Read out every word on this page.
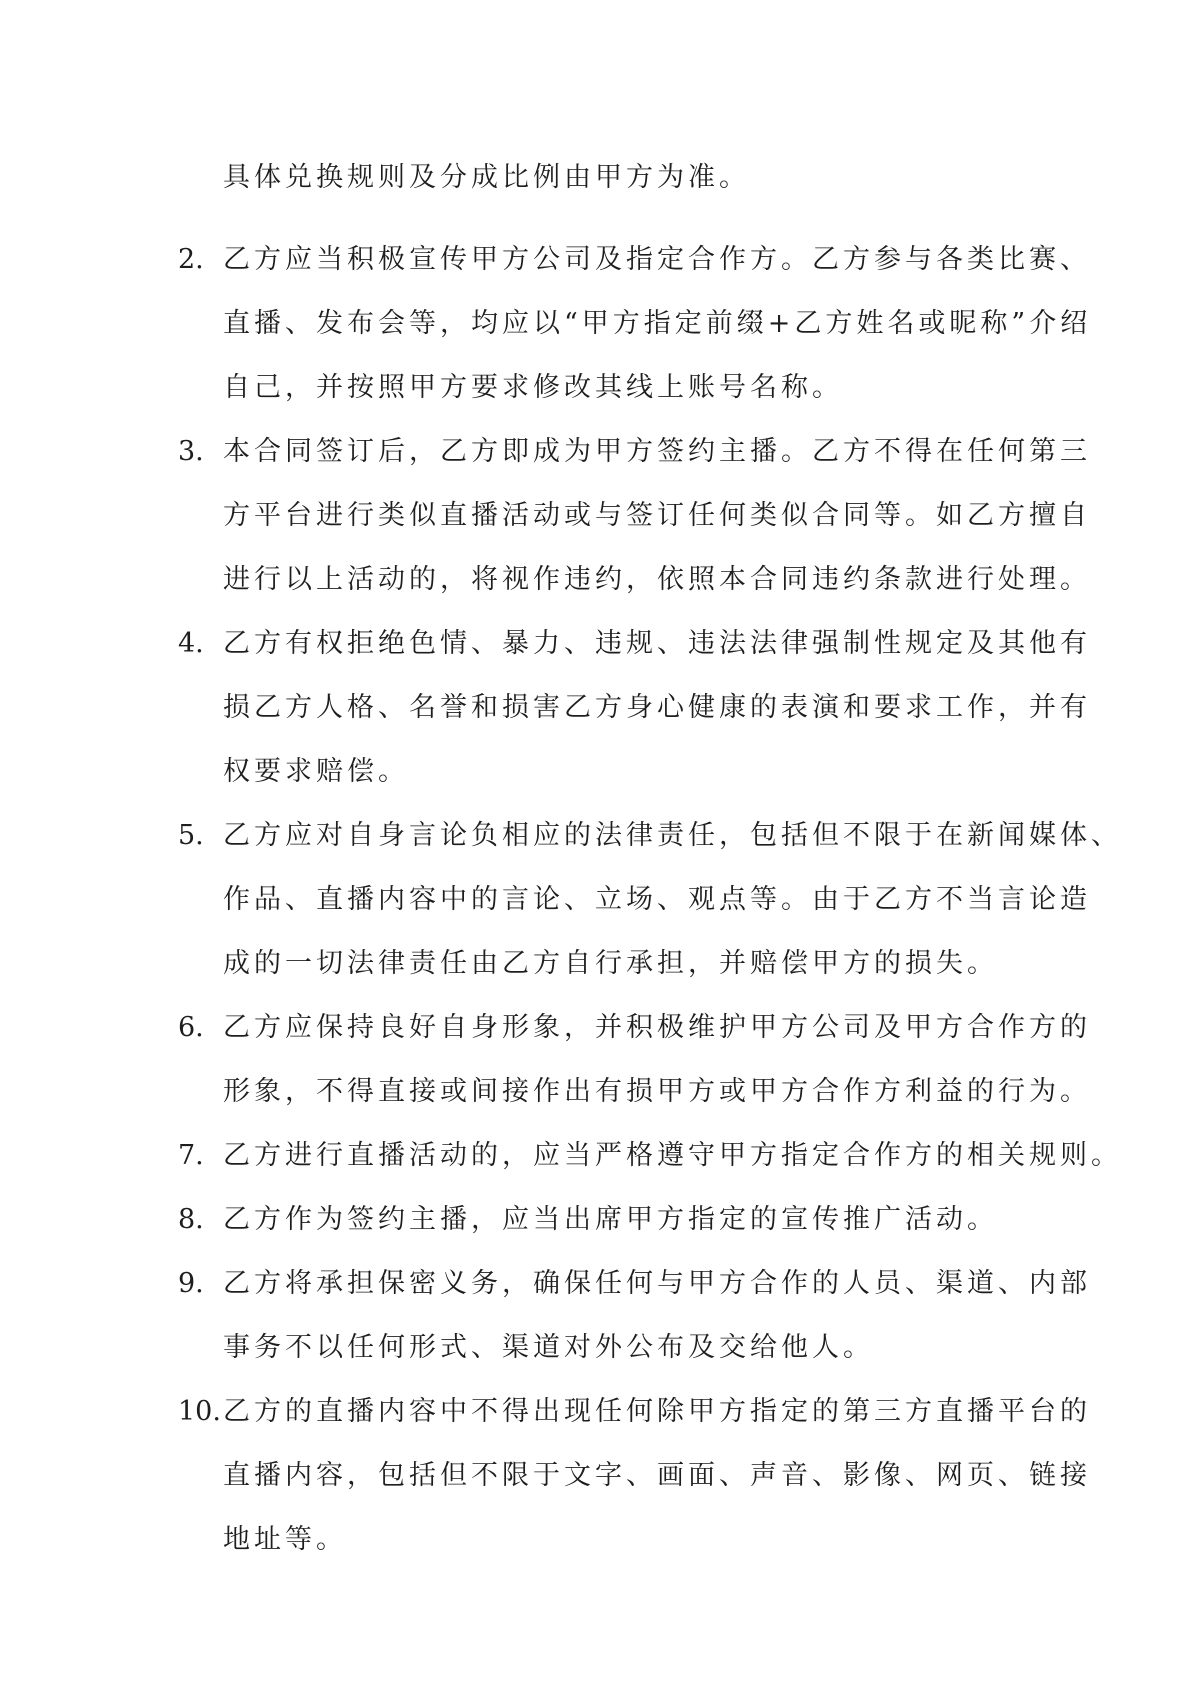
具体兑换规则及分成比例由甲方为准。
2. 乙方应当积极宣传甲方公司及指定合作方。乙方参与各类比赛、
直播、发布会等，均应以“甲方指定前缀+乙方姓名或昵称”介绍
自己，并按照甲方要求修改其线上账号名称。
3. 本合同签订后，乙方即成为甲方签约主播。乙方不得在任何第三
方平台进行类似直播活动或与签订任何类似合同等。如乙方擅自
进行以上活动的，将视作违约，依照本合同违约条款进行处理。
4. 乙方有权拒绝色情、暴力、违规、违法法律强制性规定及其他有
损乙方人格、名誉和损害乙方身心健康的表演和要求工作，并有
权要求赔偿。
5. 乙方应对自身言论负相应的法律责任，包括但不限于在新闻媒体、
作品、直播内容中的言论、立场、观点等。由于乙方不当言论造
成的一切法律责任由乙方自行承担，并赔偿甲方的损失。
6. 乙方应保持良好自身形象，并积极维护甲方公司及甲方合作方的
形象，不得直接或间接作出有损甲方或甲方合作方利益的行为。
7. 乙方进行直播活动的，应当严格遵守甲方指定合作方的相关规则。
8. 乙方作为签约主播，应当出席甲方指定的宣传推广活动。
9. 乙方将承担保密义务，确保任何与甲方合作的人员、渠道、内部
事务不以任何形式、渠道对外公布及交给他人。
10. 乙方的直播内容中不得出现任何除甲方指定的第三方直播平台的
直播内容，包括但不限于文字、画面、声音、影像、网页、链接
地址等。
